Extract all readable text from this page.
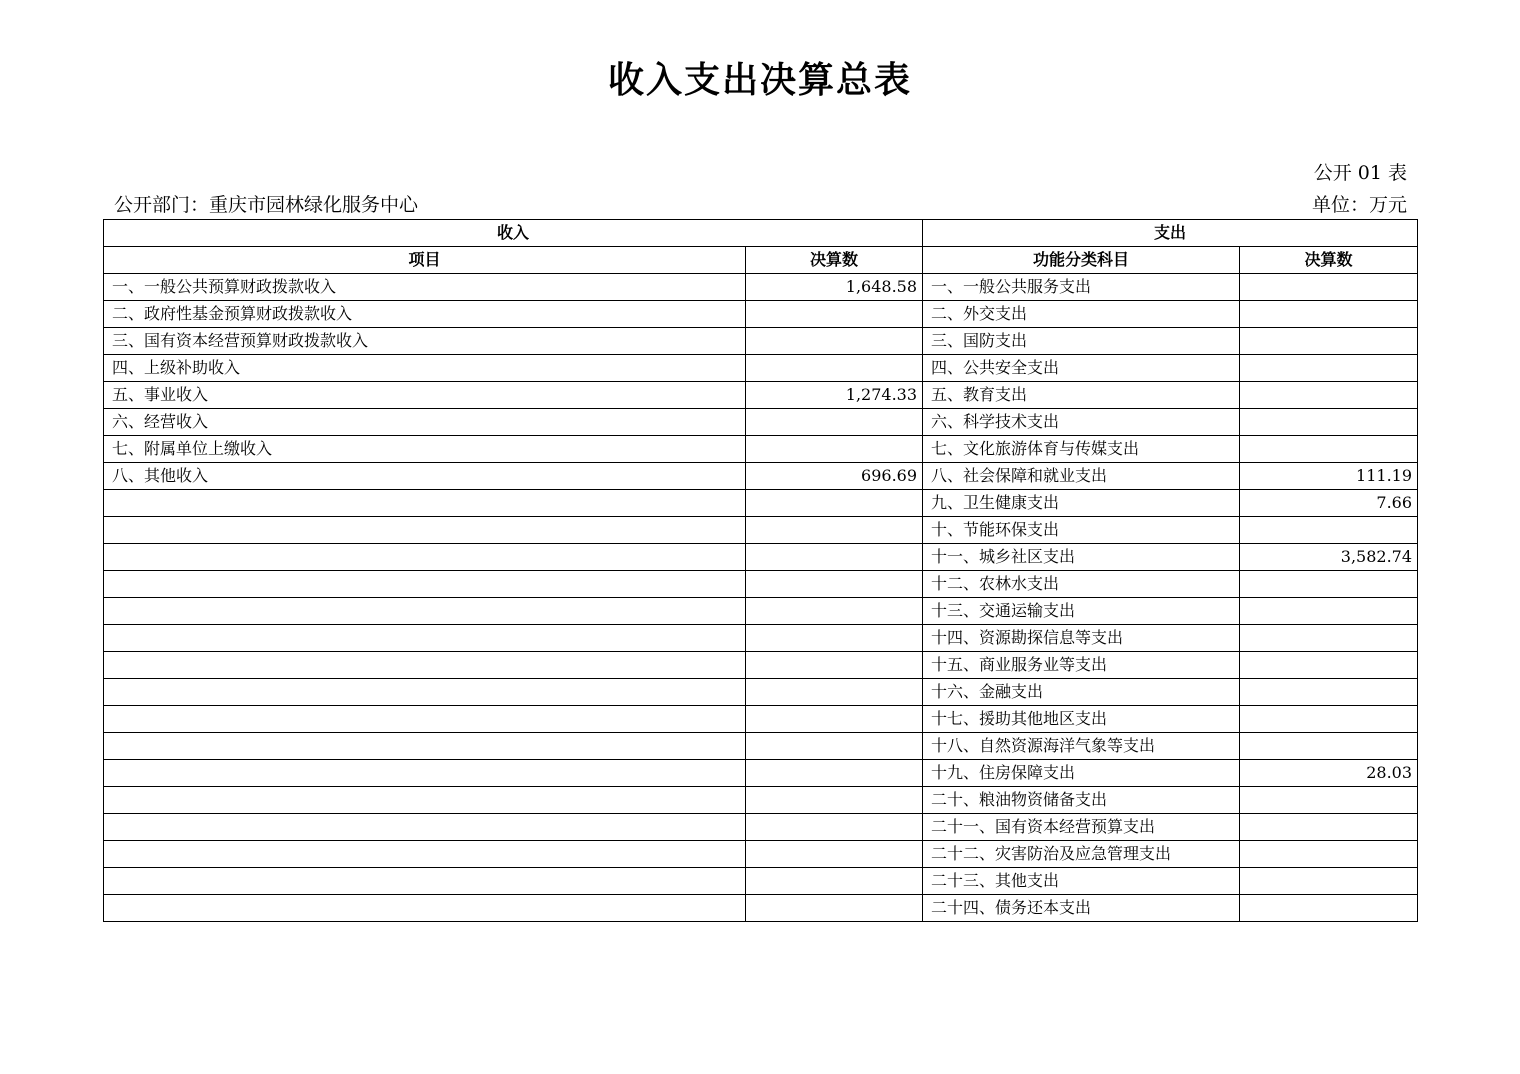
收入支出决算总表
公开 01 表
公开部门：重庆市园林绿化服务中心	单位：万元
收入		支出	
项目	决算数	功能分类科目	决算数
一、一般公共预算财政拨款收入	1,648.58	一、一般公共服务支出	
二、政府性基金预算财政拨款收入		二、外交支出	
三、国有资本经营预算财政拨款收入		三、国防支出	
四、上级补助收入		四、公共安全支出	
五、事业收入	1,274.33	五、教育支出	
六、经营收入		六、科学技术支出	
七、附属单位上缴收入		七、文化旅游体育与传媒支出	
八、其他收入	696.69	八、社会保障和就业支出	111.19
		九、卫生健康支出	7.66
		十、节能环保支出	
		十一、城乡社区支出	3,582.74
		十二、农林水支出	
		十三、交通运输支出	
		十四、资源勘探信息等支出	
		十五、商业服务业等支出	
		十六、金融支出	
		十七、援助其他地区支出	
		十八、自然资源海洋气象等支出	
		十九、住房保障支出	28.03
		二十、粮油物资储备支出	
		二十一、国有资本经营预算支出	
		二十二、灾害防治及应急管理支出	
		二十三、其他支出	
		二十四、债务还本支出	
